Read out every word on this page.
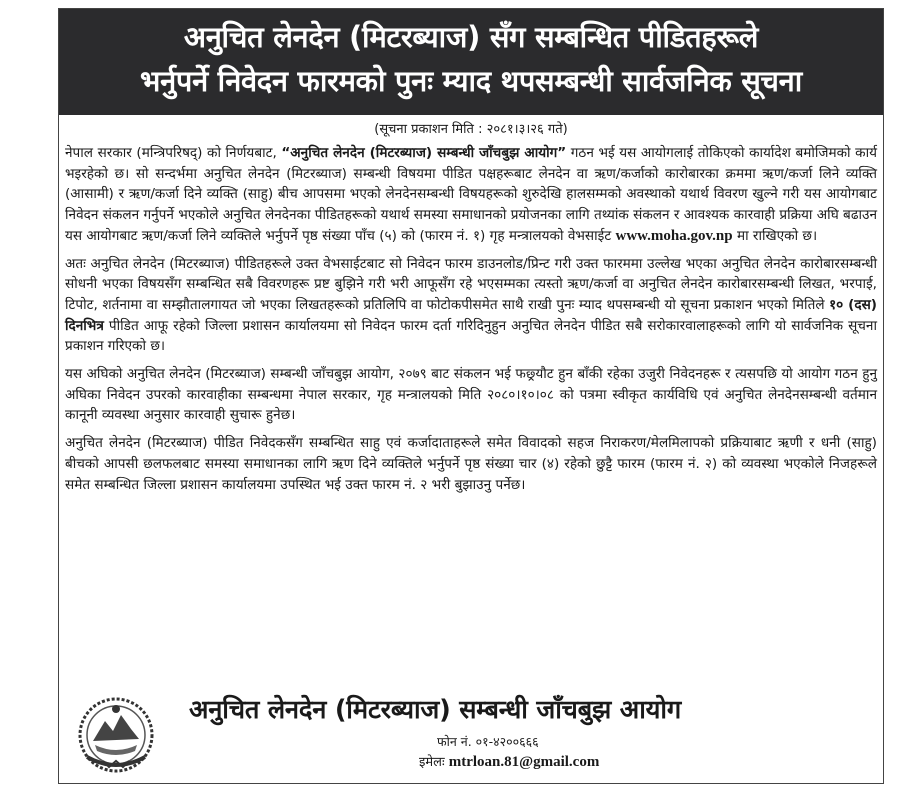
अनुचित लेनदेन (मिटरब्याज) सँग सम्बन्धित पीडितहरूले
भर्नुपर्ने निवेदन फारमको पुनः म्याद थपसम्बन्धी सार्वजनिक सूचना
(सूचना प्रकाशन मिति : २०८१।३।२६ गते)

नेपाल सरकार (मन्त्रिपरिषद्) को निर्णयबाट, “अनुचित लेनदेन (मिटरब्याज) सम्बन्धी जाँचबुझ आयोग” गठन भई यस आयोगलाई तोकिएको कार्यादेश बमोजिमको कार्य भइरहेको छ। सो सन्दर्भमा अनुचित लेनदेन (मिटरब्याज) सम्बन्धी विषयमा पीडित पक्षहरूबाट लेनदेन वा ऋण/कर्जाको कारोबारका क्रममा ऋण/कर्जा लिने व्यक्ति (आसामी) र ऋण/कर्जा दिने व्यक्ति (साहु) बीच आपसमा भएको लेनदेनसम्बन्धी विषयहरूको शुरुदेखि हालसम्मको अवस्थाको यथार्थ विवरण खुल्ने गरी यस आयोगबाट निवेदन संकलन गर्नुपर्ने भएकोले अनुचित लेनदेनका पीडितहरूको यथार्थ समस्या समाधानको प्रयोजनका लागि तथ्यांक संकलन र आवश्यक कारवाही प्रक्रिया अघि बढाउन यस आयोगबाट ऋण/कर्जा लिने व्यक्तिले भर्नुपर्ने पृष्ठ संख्या पाँच (५) को (फारम नं. १) गृह मन्त्रालयको वेभसाईट www.moha.gov.np मा राखिएको छ।

अतः अनुचित लेनदेन (मिटरब्याज) पीडितहरूले उक्त वेभसाईटबाट सो निवेदन फारम डाउनलोड/प्रिन्ट गरी उक्त फारममा उल्लेख भएका अनुचित लेनदेन कारोबारसम्बन्धी सोधनी भएका विषयसँग सम्बन्धित सबै विवरणहरू प्रष्ट बुझिने गरी भरी आफूसँग रहे भएसम्मका त्यस्तो ऋण/कर्जा वा अनुचित लेनदेन कारोबारसम्बन्धी लिखत, भरपाई, टिपोट, शर्तनामा वा सम्झौतालगायत जो भएका लिखतहरूको प्रतिलिपि वा फोटोकपीसमेत साथै राखी पुनः म्याद थपसम्बन्धी यो सूचना प्रकाशन भएको मितिले १० (दस) दिनभित्र पीडित आफू रहेको जिल्ला प्रशासन कार्यालयमा सो निवेदन फारम दर्ता गरिदिनुहुन अनुचित लेनदेन पीडित सबै सरोकारवालाहरूको लागि यो सार्वजनिक सूचना प्रकाशन गरिएको छ।

यस अघिको अनुचित लेनदेन (मिटरब्याज) सम्बन्धी जाँचबुझ आयोग, २०७९ बाट संकलन भई फछ्र्यौट हुन बाँकी रहेका उजुरी निवेदनहरू र त्यसपछि यो आयोग गठन हुनु अघिका निवेदन उपरको कारवाहीका सम्बन्धमा नेपाल सरकार, गृह मन्त्रालयको मिति २०८०।१०।०८ को पत्रमा स्वीकृत कार्यविधि एवं अनुचित लेनदेनसम्बन्धी वर्तमान कानूनी व्यवस्था अनुसार कारवाही सुचारू हुनेछ।

अनुचित लेनदेन (मिटरब्याज) पीडित निवेदकसँग सम्बन्धित साहु एवं कर्जादाताहरूले समेत विवादको सहज निराकरण/मेलमिलापको प्रक्रियाबाट ऋणी र धनी (साहु) बीचको आपसी छलफलबाट समस्या समाधानका लागि ऋण दिने व्यक्तिले भर्नुपर्ने पृष्ठ संख्या चार (४) रहेको छुट्टै फारम (फारम नं. २) को व्यवस्था भएकोले निजहरूले समेत सम्बन्धित जिल्ला प्रशासन कार्यालयमा उपस्थित भई उक्त फारम नं. २ भरी बुझाउनु पर्नेछ।

अनुचित लेनदेन (मिटरब्याज) सम्बन्धी जाँचबुझ आयोग
फोन नं. ०१-४२००६६६
इमेलः mtrloan.81@gmail.com
